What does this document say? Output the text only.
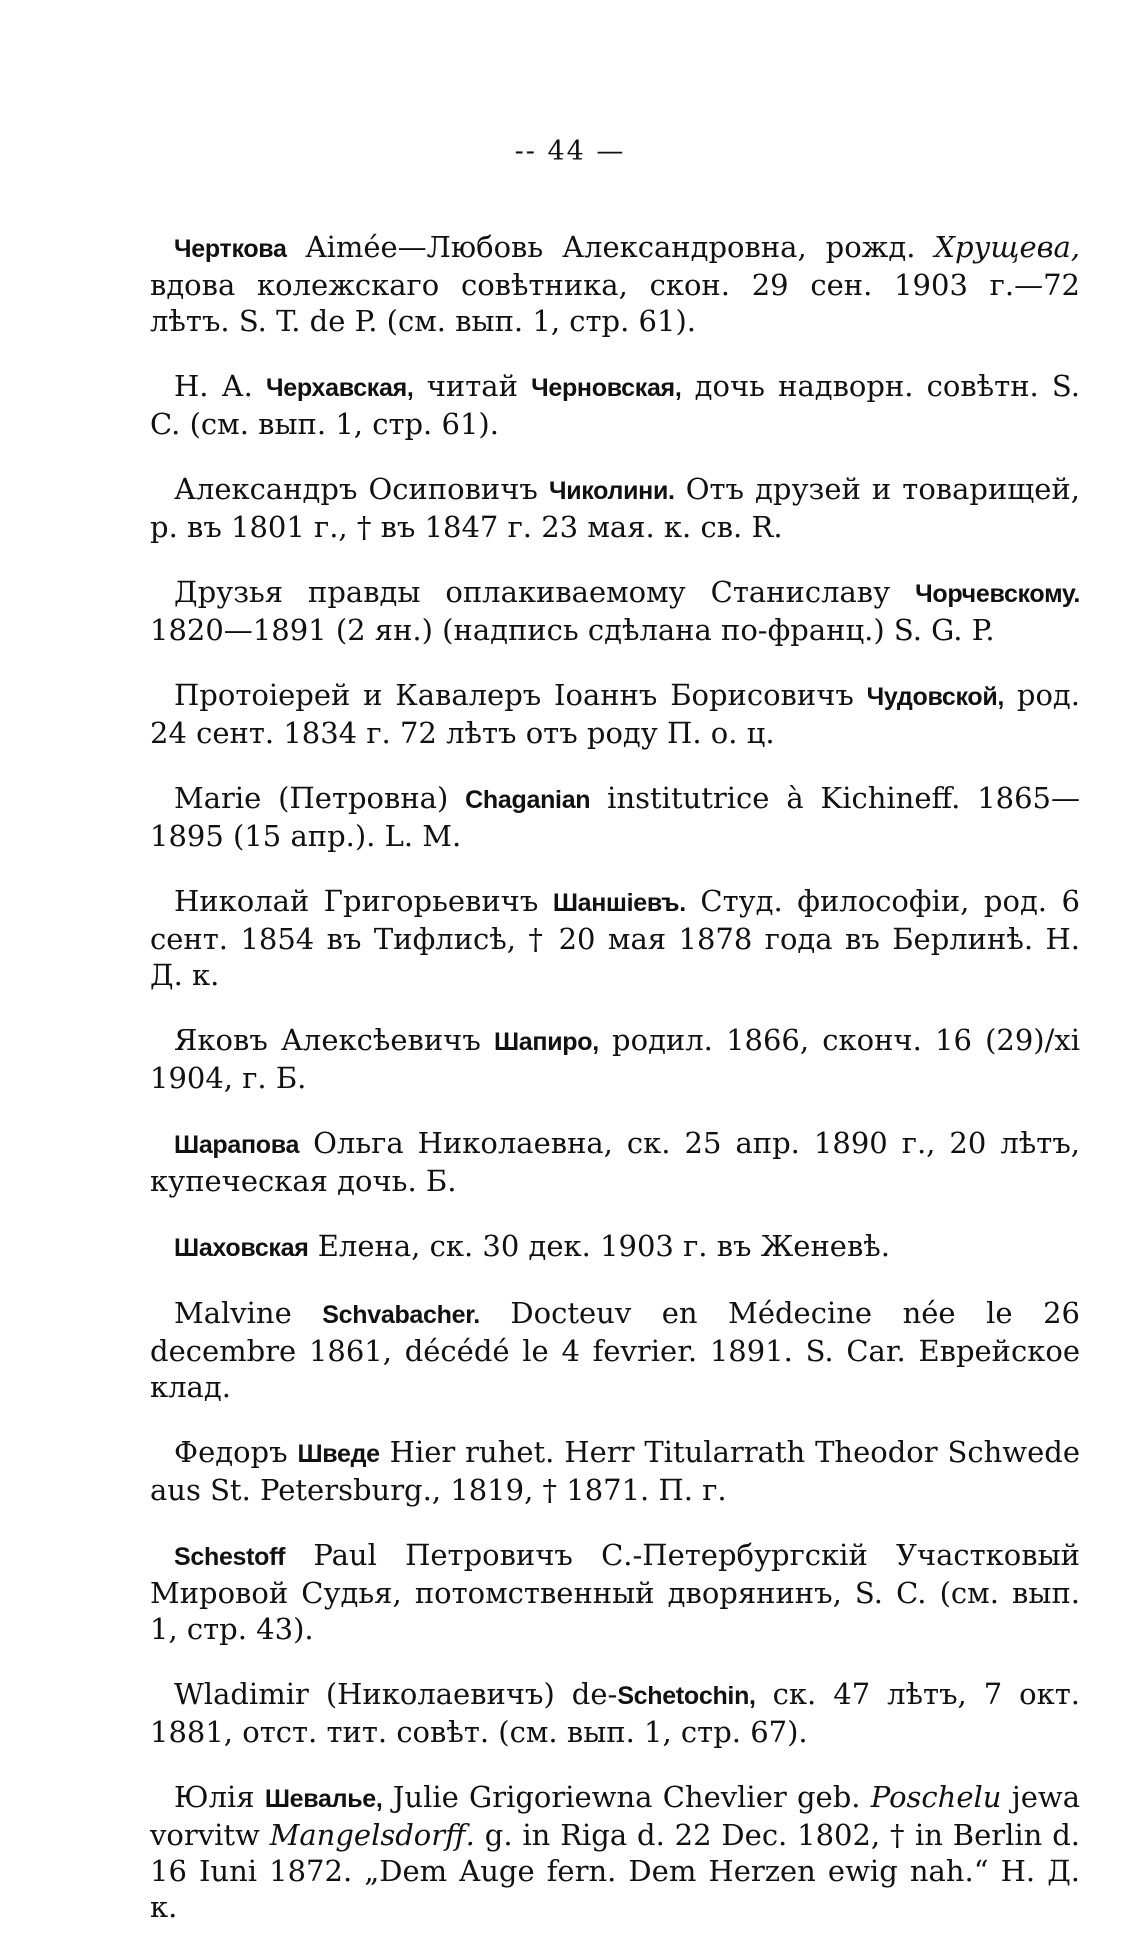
-- 44 —

Черткова Aimée—Любовь Александровна, рожд. Хрущева, вдова колежскаго совѣтника, скон. 29 сен. 1903 г.—72 лѣтъ. S. T. de P. (см. вып. 1, стр. 61).

Н. А. Черхавская, читай Черновская, дочь надворн. совѣтн. S. C. (см. вып. 1, стр. 61).

Александръ Осиповичъ Чиколини. Отъ друзей и товарищей, р. въ 1801 г., † въ 1847 г. 23 мая. к. св. R.

Друзья правды оплакиваемому Станиславу Чорчевскому. 1820—1891 (2 ян.) (надпись сдѣлана по-франц.) S. G. P.

Протоіерей и Кавалеръ Іоаннъ Борисовичъ Чудовской, род. 24 сент. 1834 г. 72 лѣтъ отъ роду П. о. ц.

Marie (Петровна) Chaganian institutrice à Kichineff. 1865—1895 (15 апр.). L. M.

Николай Григорьевичъ Шаншіевъ. Студ. философіи, род. 6 сент. 1854 въ Тифлисѣ, † 20 мая 1878 года въ Берлинѣ. Н. Д. к.

Яковъ Алексѣевичъ Шапиро, родил. 1866, сконч. 16 (29)/xi 1904, г. Б.

Шарапова Ольга Николаевна, ск. 25 апр. 1890 г., 20 лѣтъ, купеческая дочь. Б.

Шаховская Елена, ск. 30 дек. 1903 г. въ Женевѣ.

Malvine Schvabacher. Docteuv en Médecine née le 26 decembre 1861, décédé le 4 fevrier. 1891. S. Car. Еврейское клад.

Федоръ Шведе Hier ruhet. Herr Titularrath Theodor Schwede aus St. Petersburg., 1819, † 1871. П. г.

Schestoff Paul Петровичъ С.-Петербургскій Участковый Мировой Судья, потомственный дворянинъ, S. C. (см. вып. 1, стр. 43).

Wladimir (Николаевичъ) de-Schetochin, ск. 47 лѣтъ, 7 окт. 1881, отст. тит. совѣт. (см. вып. 1, стр. 67).

Юлія Шевалье, Julie Grigoriewna Chevlier geb. Poschelu jewa vorvitw Mangelsdorff. g. in Riga d. 22 Dec. 1802, † in Berlin d. 16 Iuni 1872. „Dem Auge fern. Dem Herzen ewig nah.“ Н. Д. к.
